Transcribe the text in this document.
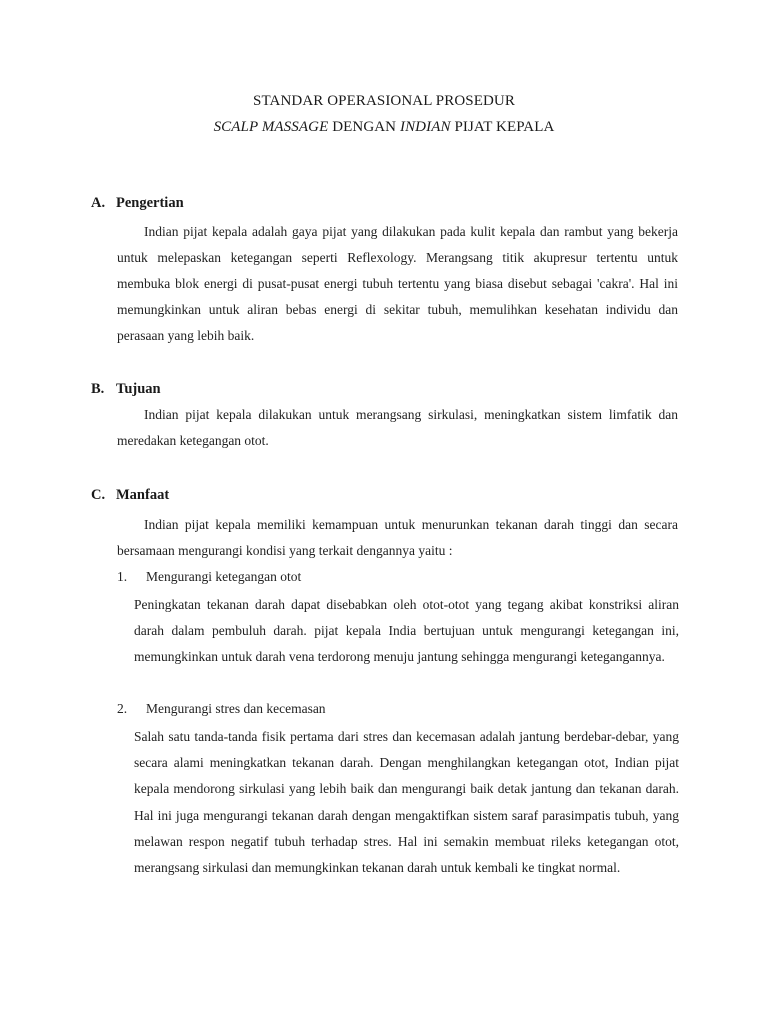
STANDAR OPERASIONAL PROSEDUR
SCALP MASSAGE DENGAN INDIAN PIJAT KEPALA
A. Pengertian
Indian pijat kepala adalah gaya pijat yang dilakukan pada kulit kepala dan rambut yang bekerja untuk melepaskan ketegangan seperti Reflexology. Merangsang titik akupresur tertentu untuk membuka blok energi di pusat-pusat energi tubuh tertentu yang biasa disebut sebagai 'cakra'. Hal ini memungkinkan untuk aliran bebas energi di sekitar tubuh, memulihkan kesehatan individu dan perasaan yang lebih baik.
B. Tujuan
Indian pijat kepala dilakukan untuk merangsang sirkulasi, meningkatkan sistem limfatik dan meredakan ketegangan otot.
C. Manfaat
Indian pijat kepala memiliki kemampuan untuk menurunkan tekanan darah tinggi dan secara bersamaan mengurangi kondisi yang terkait dengannya yaitu :
1. Mengurangi ketegangan otot
Peningkatan tekanan darah dapat disebabkan oleh otot-otot yang tegang akibat konstriksi aliran darah dalam pembuluh darah. pijat kepala India bertujuan untuk mengurangi ketegangan ini, memungkinkan untuk darah vena terdorong menuju jantung sehingga mengurangi ketegangannya.
2. Mengurangi stres dan kecemasan
Salah satu tanda-tanda fisik pertama dari stres dan kecemasan adalah jantung berdebar-debar, yang secara alami meningkatkan tekanan darah. Dengan menghilangkan ketegangan otot, Indian pijat kepala mendorong sirkulasi yang lebih baik dan mengurangi baik detak jantung dan tekanan darah. Hal ini juga mengurangi tekanan darah dengan mengaktifkan sistem saraf parasimpatis tubuh, yang melawan respon negatif tubuh terhadap stres. Hal ini semakin membuat rileks ketegangan otot, merangsang sirkulasi dan memungkinkan tekanan darah untuk kembali ke tingkat normal.
